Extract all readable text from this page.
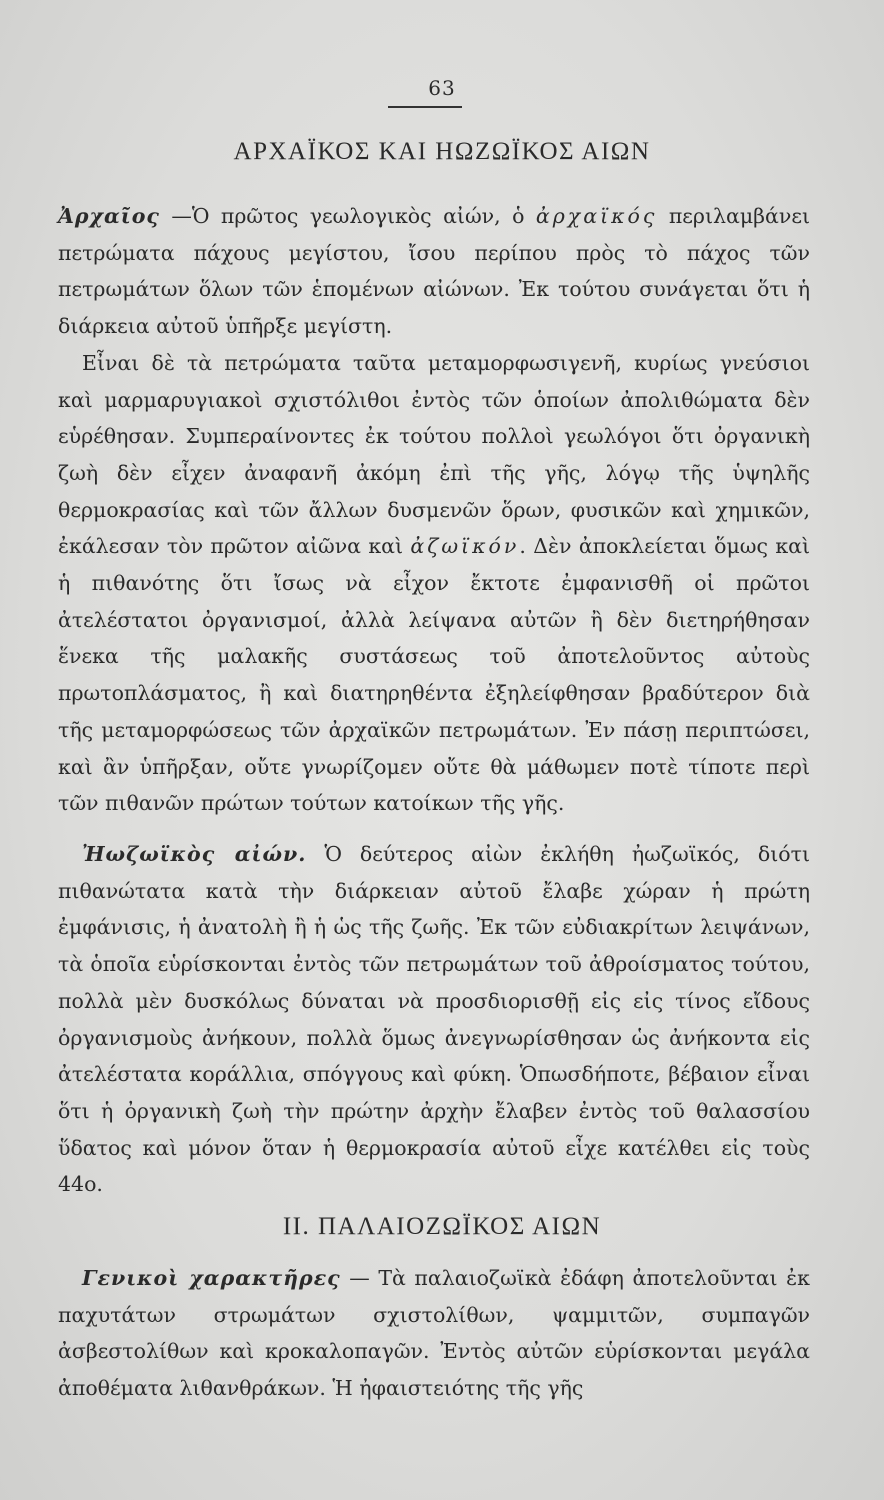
63
ΑΡΧΑΪΚΟΣ ΚΑΙ ΗΩΖΩΪΚΟΣ ΑΙΩΝ

Ἀρχαῖος —Ὁ πρῶτος γεωλογικὸς αἰών, ὁ ἀρχαϊκός περιλαμβάνει πετρώματα πάχους μεγίστου, ἴσου περίπου πρὸς τὸ πάχος τῶν πετρωμάτων ὅλων τῶν ἑπομένων αἰώνων. Ἐκ τούτου συνάγεται ὅτι ἡ διάρκεια αὐτοῦ ὑπῆρξε μεγίστη.

Εἶναι δὲ τὰ πετρώματα ταῦτα μεταμορφωσιγενῆ, κυρίως γνεύσιοι καὶ μαρμαρυγιακοὶ σχιστόλιθοι ἐντὸς τῶν ὁποίων ἀπολιθώματα δὲν εὑρέθησαν. Συμπεραίνοντες ἐκ τούτου πολλοὶ γεωλόγοι ὅτι ὀργανικὴ ζωὴ δὲν εἶχεν ἀναφανῆ ἀκόμη ἐπὶ τῆς γῆς, λόγῳ τῆς ὑψηλῆς θερμοκρασίας καὶ τῶν ἄλλων δυσμενῶν ὅρων, φυσικῶν καὶ χημικῶν, ἐκάλεσαν τὸν πρῶτον αἰῶνα καὶ ἀζωϊκόν. Δὲν ἀποκλείεται ὅμως καὶ ἡ πιθανότης ὅτι ἴσως νὰ εἶχον ἔκτοτε ἐμφανισθῆ οἱ πρῶτοι ἀτελέστατοι ὀργανισμοί, ἀλλὰ λείψανα αὐτῶν ἢ δὲν διετηρήθησαν ἕνεκα τῆς μαλακῆς συστάσεως τοῦ ἀποτελοῦντος αὐτοὺς πρωτοπλάσματος, ἢ καὶ διατηρηθέντα ἐξηλείφθησαν βραδύτερον διὰ τῆς μεταμορφώσεως τῶν ἀρχαϊκῶν πετρωμάτων. Ἐν πάσῃ περιπτώσει, καὶ ἂν ὑπῆρξαν, οὔτε γνωρίζομεν οὔτε θὰ μάθωμεν ποτὲ τίποτε περὶ τῶν πιθανῶν πρώτων τούτων κατοίκων τῆς γῆς.

Ἠωζωϊκὸς αἰών. Ὁ δεύτερος αἰὼν ἐκλήθη ἠωζωϊκός, διότι πιθανώτατα κατὰ τὴν διάρκειαν αὐτοῦ ἔλαβε χώραν ἡ πρώτη ἐμφάνισις, ἡ ἀνατολὴ ἢ ἡ ὡς τῆς ζωῆς. Ἐκ τῶν εὐδιακρίτων λειψάνων, τὰ ὁποῖα εὑρίσκονται ἐντὸς τῶν πετρωμάτων τοῦ ἀθροίσματος τούτου, πολλὰ μὲν δυσκόλως δύναται νὰ προσδιορισθῇ εἰς εἰς τίνος εἴδους ὀργανισμοὺς ἀνήκουν, πολλὰ ὅμως ἀνεγνωρίσθησαν ὡς ἀνήκοντα εἰς ἀτελέστατα κοράλλια, σπόγγους καὶ φύκη. Ὁπωσδήποτε, βέβαιον εἶναι ὅτι ἡ ὀργανικὴ ζωὴ τὴν πρώτην ἀρχὴν ἔλαβεν ἐντὸς τοῦ θαλασσίου ὕδατος καὶ μόνον ὅταν ἡ θερμοκρασία αὐτοῦ εἶχε κατέλθει εἰς τοὺς 44ο.

ΙΙ. ΠΑΛΑΙΟΖΩΪΚΟΣ ΑΙΩΝ

Γενικοὶ χαρακτῆρες — Τὰ παλαιοζωϊκὰ ἐδάφη ἀποτελοῦνται ἐκ παχυτάτων στρωμάτων σχιστολίθων, ψαμμιτῶν, συμπαγῶν ἀσβεστολίθων καὶ κροκαλοπαγῶν. Ἐντὸς αὐτῶν εὑρίσκονται μεγάλα ἀποθέματα λιθανθράκων. Ἡ ἠφαιστειότης τῆς γῆς
